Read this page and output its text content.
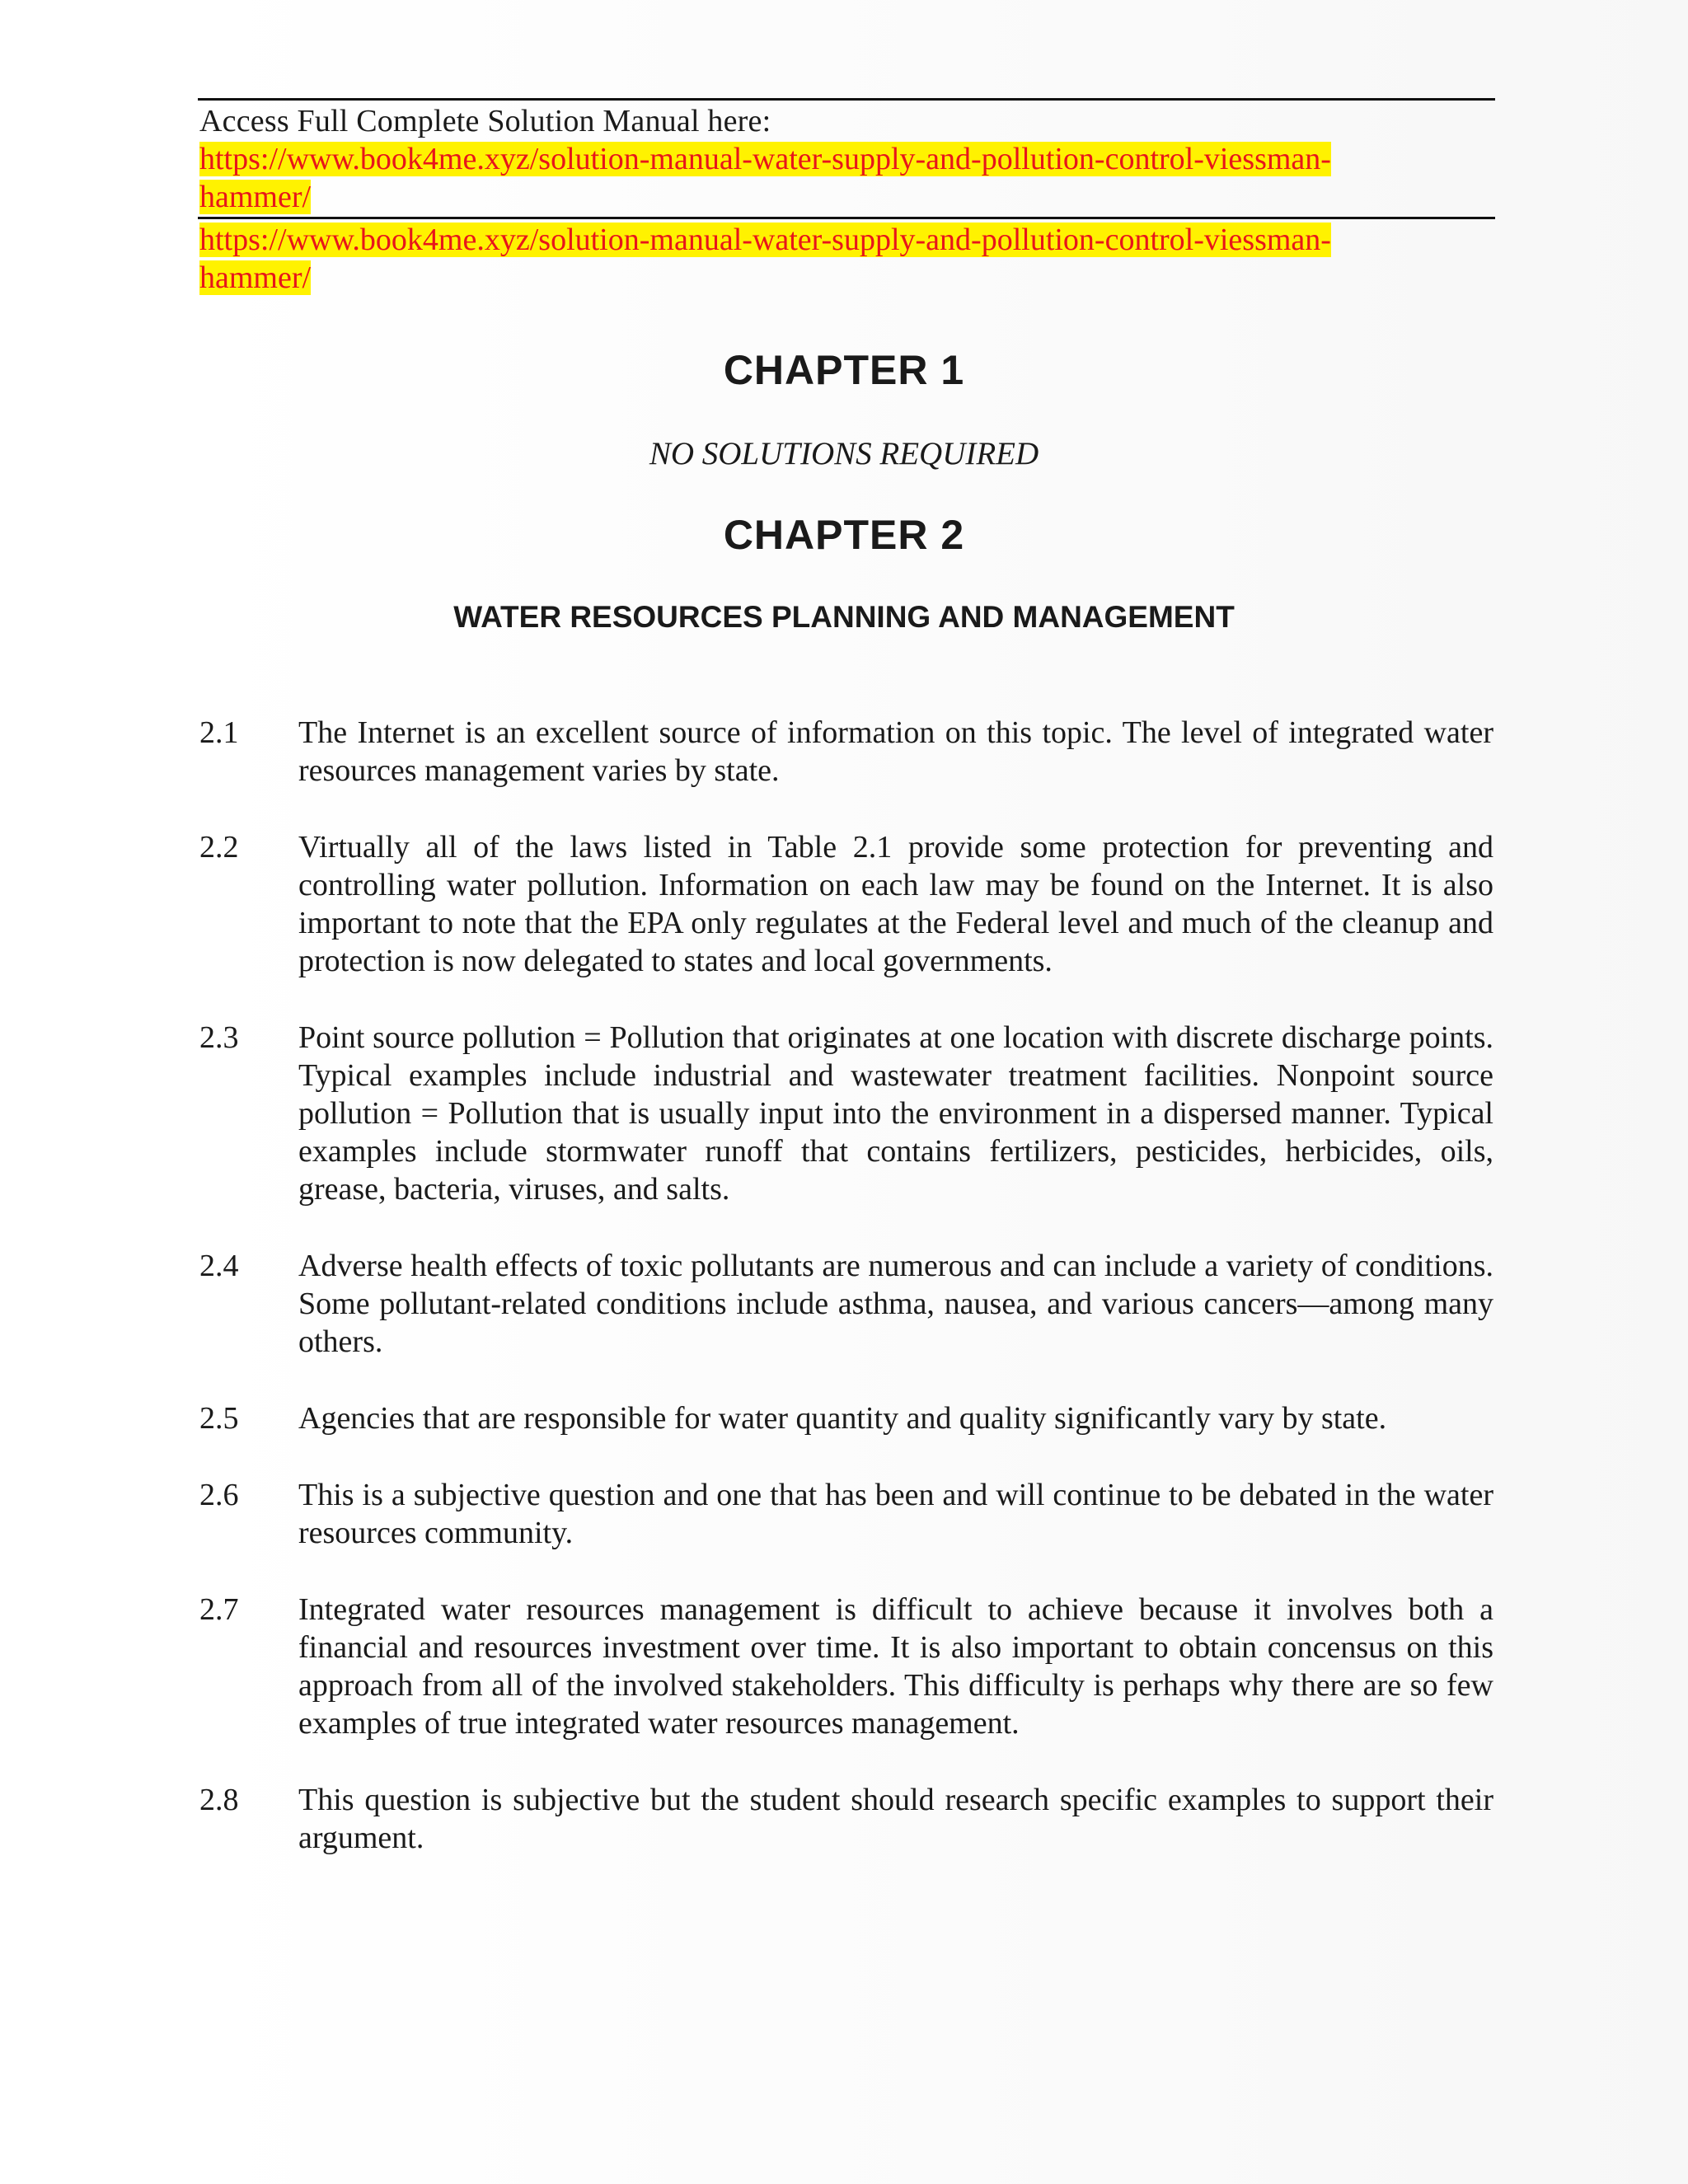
Access Full Complete Solution Manual here:
https://www.book4me.xyz/solution-manual-water-supply-and-pollution-control-viessman-
hammer/
https://www.book4me.xyz/solution-manual-water-supply-and-pollution-control-viessman-
hammer/
CHAPTER 1
NO SOLUTIONS REQUIRED
CHAPTER 2
WATER RESOURCES PLANNING AND MANAGEMENT
2.1	The Internet is an excellent source of information on this topic. The level of integrated water resources management varies by state.
2.2	Virtually all of the laws listed in Table 2.1 provide some protection for preventing and controlling water pollution. Information on each law may be found on the Internet. It is also important to note that the EPA only regulates at the Federal level and much of the cleanup and protection is now delegated to states and local governments.
2.3	Point source pollution = Pollution that originates at one location with discrete discharge points. Typical examples include industrial and wastewater treatment facilities. Nonpoint source pollution = Pollution that is usually input into the environment in a dispersed manner. Typical examples include stormwater runoff that contains fertilizers, pesticides, herbicides, oils, grease, bacteria, viruses, and salts.
2.4	Adverse health effects of toxic pollutants are numerous and can include a variety of conditions. Some pollutant-related conditions include asthma, nausea, and various cancers—among many others.
2.5	Agencies that are responsible for water quantity and quality significantly vary by state.
2.6	This is a subjective question and one that has been and will continue to be debated in the water resources community.
2.7	Integrated water resources management is difficult to achieve because it involves both a financial and resources investment over time. It is also important to obtain concensus on this approach from all of the involved stakeholders. This difficulty is perhaps why there are so few examples of true integrated water resources management.
2.8	This question is subjective but the student should research specific examples to support their argument.
